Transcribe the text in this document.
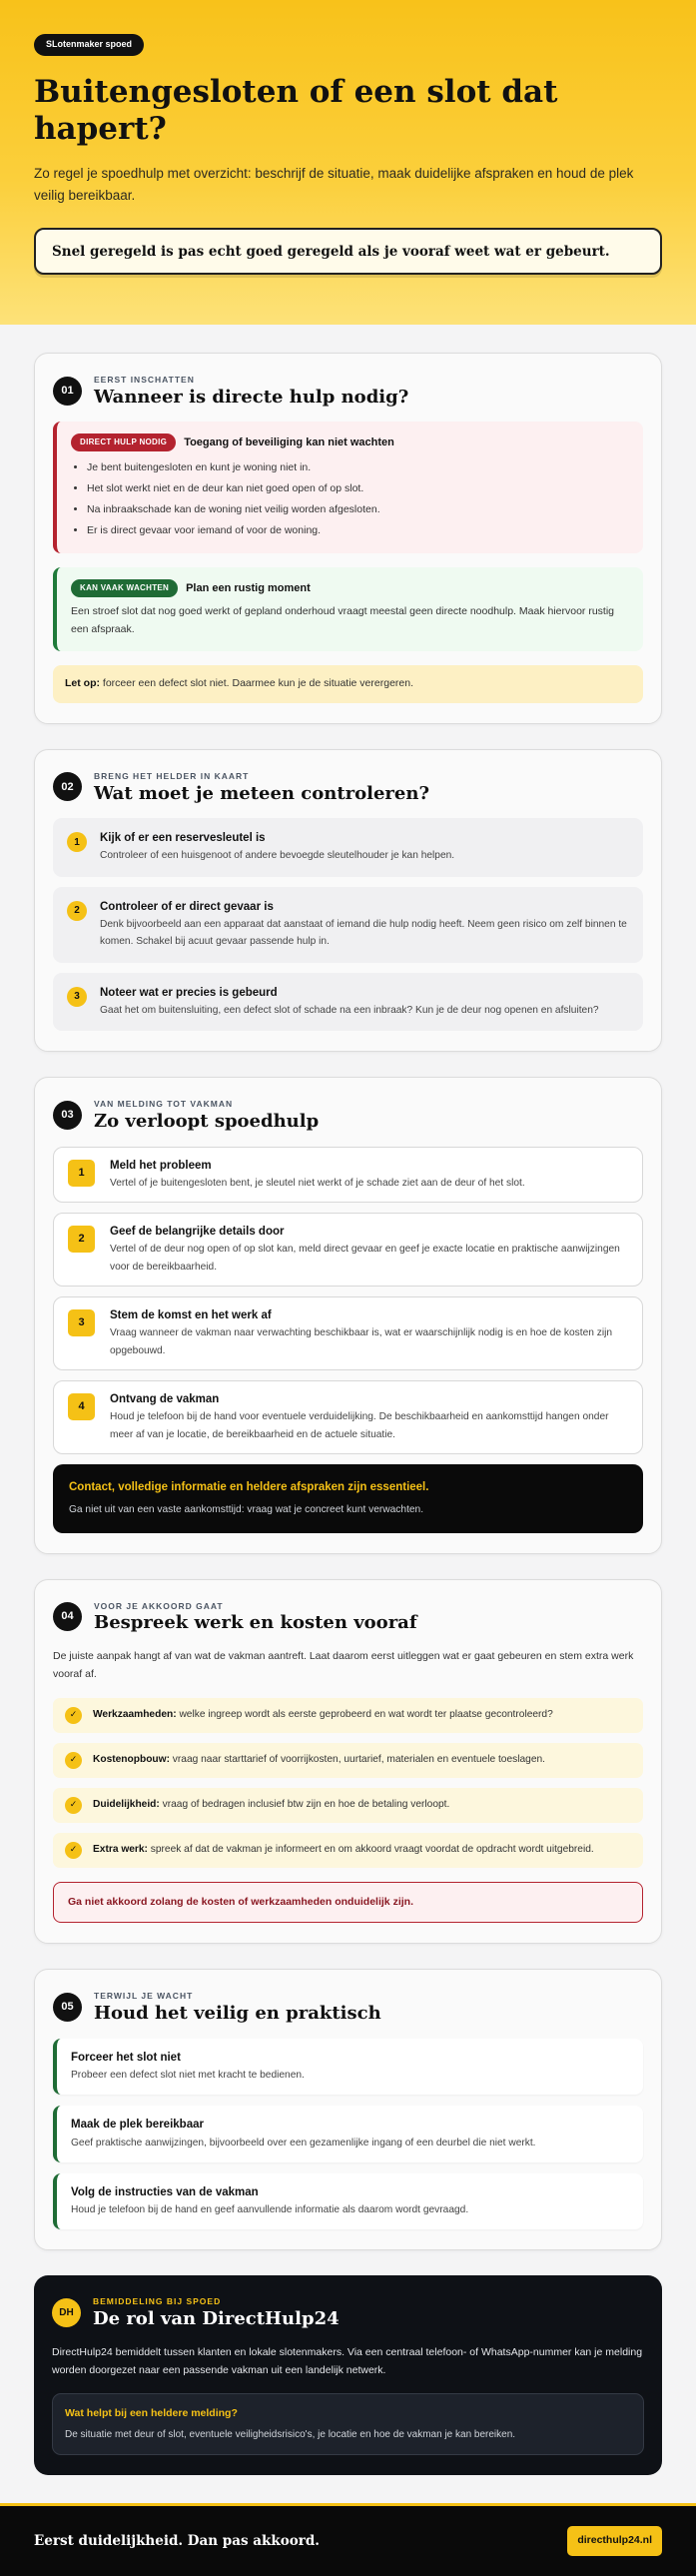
SLotenmaker spoed
Buitengesloten of een slot dat hapert?

Zo regel je spoedhulp met overzicht: beschrijf de situatie, maak duidelijke afspraken en houd de plek veilig bereikbaar.

Snel geregeld is pas echt goed geregeld als je vooraf weet wat er gebeurt.
01
EERST INSCHATTEN
Wanneer is directe hulp nodig?
DIRECT HULP NODIG	Toegang of beveiliging kan niet wachten
• Je bent buitengesloten en kunt je woning niet in.
• Het slot werkt niet en de deur kan niet goed open of op slot.
• Na inbraakschade kan de woning niet veilig worden afgesloten.
• Er is direct gevaar voor iemand of voor de woning.
KAN VAAK WACHTEN	Plan een rustig moment

Een stroef slot dat nog goed werkt of gepland onderhoud vraagt meestal geen directe noodhulp. Maak hiervoor rustig een afspraak.

Let op: forceer een defect slot niet. Daarmee kun je de situatie verergeren.
02
BRENG HET HELDER IN KAART
Wat moet je meteen controleren?
1	Kijk of er een reservesleutel is
Controleer of een huisgenoot of andere bevoegde sleutelhouder je kan helpen.
2	Controleer of er direct gevaar is
Denk bijvoorbeeld aan een apparaat dat aanstaat of iemand die hulp nodig heeft. Neem geen risico om zelf binnen te komen. Schakel bij acuut gevaar passende hulp in.
3	Noteer wat er precies is gebeurd
Gaat het om buitensluiting, een defect slot of schade na een inbraak? Kun je de deur nog openen en afsluiten?
03
VAN MELDING TOT VAKMAN
Zo verloopt spoedhulp
1
Meld het probleem
Vertel of je buitengesloten bent, je sleutel niet werkt of je schade ziet aan de deur of het slot.
2
Geef de belangrijke details door
Vertel of de deur nog open of op slot kan, meld direct gevaar en geef je exacte locatie en praktische aanwijzingen voor de bereikbaarheid.
3
Stem de komst en het werk af
Vraag wanneer de vakman naar verwachting beschikbaar is, wat er waarschijnlijk nodig is en hoe de kosten zijn opgebouwd.
4
Ontvang de vakman
Houd je telefoon bij de hand voor eventuele verduidelijking. De beschikbaarheid en aankomsttijd hangen onder meer af van je locatie, de bereikbaarheid en de actuele situatie.
Contact, volledige informatie en heldere afspraken zijn essentieel.
Ga niet uit van een vaste aankomsttijd: vraag wat je concreet kunt verwachten.
04
VOOR JE AKKOORD GAAT
Bespreek werk en kosten vooraf

De juiste aanpak hangt af van wat de vakman aantreft. Laat daarom eerst uitleggen wat er gaat gebeuren en stem extra werk vooraf af.

✓	Werkzaamheden: welke ingreep wordt als eerste geprobeerd en wat wordt ter plaatse gecontroleerd?
✓	Kostenopbouw: vraag naar starttarief of voorrijkosten, uurtarief, materialen en eventuele toeslagen.
✓	Duidelijkheid: vraag of bedragen inclusief btw zijn en hoe de betaling verloopt.
✓	Extra werk: spreek af dat de vakman je informeert en om akkoord vraagt voordat de opdracht wordt uitgebreid.
Ga niet akkoord zolang de kosten of werkzaamheden onduidelijk zijn.
05
TERWIJL JE WACHT
Houd het veilig en praktisch
Forceer het slot niet
Probeer een defect slot niet met kracht te bedienen.
Maak de plek bereikbaar
Geef praktische aanwijzingen, bijvoorbeeld over een gezamenlijke ingang of een deurbel die niet werkt.
Volg de instructies van de vakman
Houd je telefoon bij de hand en geef aanvullende informatie als daarom wordt gevraagd.
DH
BEMIDDELING BIJ SPOED
De rol van DirectHulp24

DirectHulp24 bemiddelt tussen klanten en lokale slotenmakers. Via een centraal telefoon- of WhatsApp-nummer kan je melding worden doorgezet naar een passende vakman uit een landelijk netwerk.

Wat helpt bij een heldere melding?
De situatie met deur of slot, eventuele veiligheidsrisico's, je locatie en hoe de vakman je kan bereiken.
Eerst duidelijkheid. Dan pas akkoord.	directhulp24.nl
